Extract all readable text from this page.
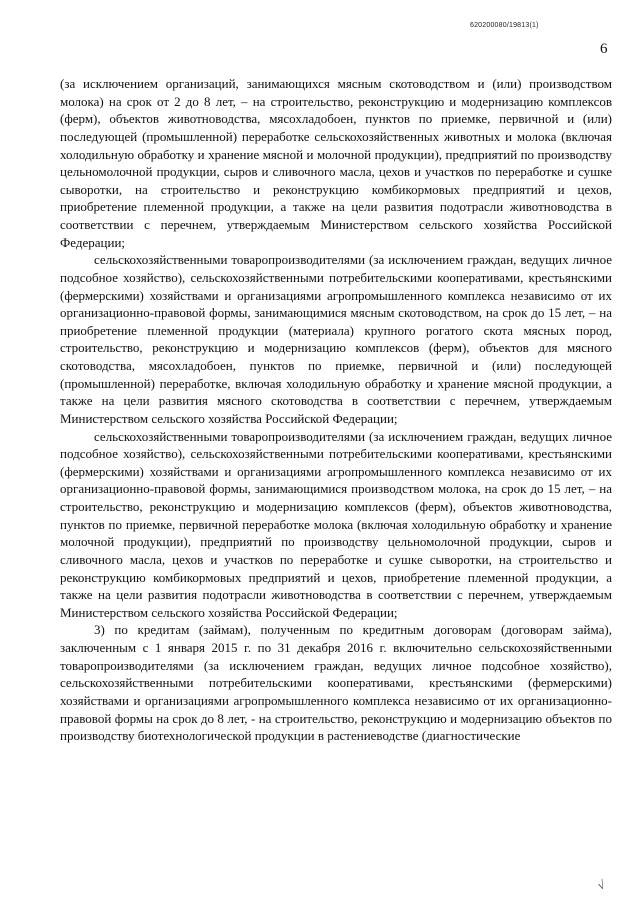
620200080/19813(1)
6

(за исключением организаций, занимающихся мясным скотоводством и (или) производством молока) на срок от 2 до 8 лет, – на строительство, реконструкцию и модернизацию комплексов (ферм), объектов животноводства, мясохладобоен, пунктов по приемке, первичной и (или) последующей (промышленной) переработке сельскохозяйственных животных и молока (включая холодильную обработку и хранение мясной и молочной продукции), предприятий по производству цельномолочной продукции, сыров и сливочного масла, цехов и участков по переработке и сушке сыворотки, на строительство и реконструкцию комбикормовых предприятий и цехов, приобретение племенной продукции, а также на цели развития подотрасли животноводства в соответствии с перечнем, утверждаемым Министерством сельского хозяйства Российской Федерации;

сельскохозяйственными товаропроизводителями (за исключением граждан, ведущих личное подсобное хозяйство), сельскохозяйственными потребительскими кооперативами, крестьянскими (фермерскими) хозяйствами и организациями агропромышленного комплекса независимо от их организационно-правовой формы, занимающимися мясным скотоводством, на срок до 15 лет, – на приобретение племенной продукции (материала) крупного рогатого скота мясных пород, строительство, реконструкцию и модернизацию комплексов (ферм), объектов для мясного скотоводства, мясохладобоен, пунктов по приемке, первичной и (или) последующей (промышленной) переработке, включая холодильную обработку и хранение мясной продукции, а также на цели развития мясного скотоводства в соответствии с перечнем, утверждаемым Министерством сельского хозяйства Российской Федерации;

сельскохозяйственными товаропроизводителями (за исключением граждан, ведущих личное подсобное хозяйство), сельскохозяйственными потребительскими кооперативами, крестьянскими (фермерскими) хозяйствами и организациями агропромышленного комплекса независимо от их организационно-правовой формы, занимающимися производством молока, на срок до 15 лет, – на строительство, реконструкцию и модернизацию комплексов (ферм), объектов животноводства, пунктов по приемке, первичной переработке молока (включая холодильную обработку и хранение молочной продукции), предприятий по производству цельномолочной продукции, сыров и сливочного масла, цехов и участков по переработке и сушке сыворотки, на строительство и реконструкцию комбикормовых предприятий и цехов, приобретение племенной продукции, а также на цели развития подотрасли животноводства в соответствии с перечнем, утверждаемым Министерством сельского хозяйства Российской Федерации;

3) по кредитам (займам), полученным по кредитным договорам (договорам займа), заключенным с 1 января 2015 г. по 31 декабря 2016 г. включительно сельскохозяйственными товаропроизводителями (за исключением граждан, ведущих личное подсобное хозяйство), сельскохозяйственными потребительскими кооперативами, крестьянскими (фермерскими) хозяйствами и организациями агропромышленного комплекса независимо от их организационно-правовой формы на срок до 8 лет, - на строительство, реконструкцию и модернизацию объектов по производству биотехнологической продукции в растениеводстве (диагностические

√
